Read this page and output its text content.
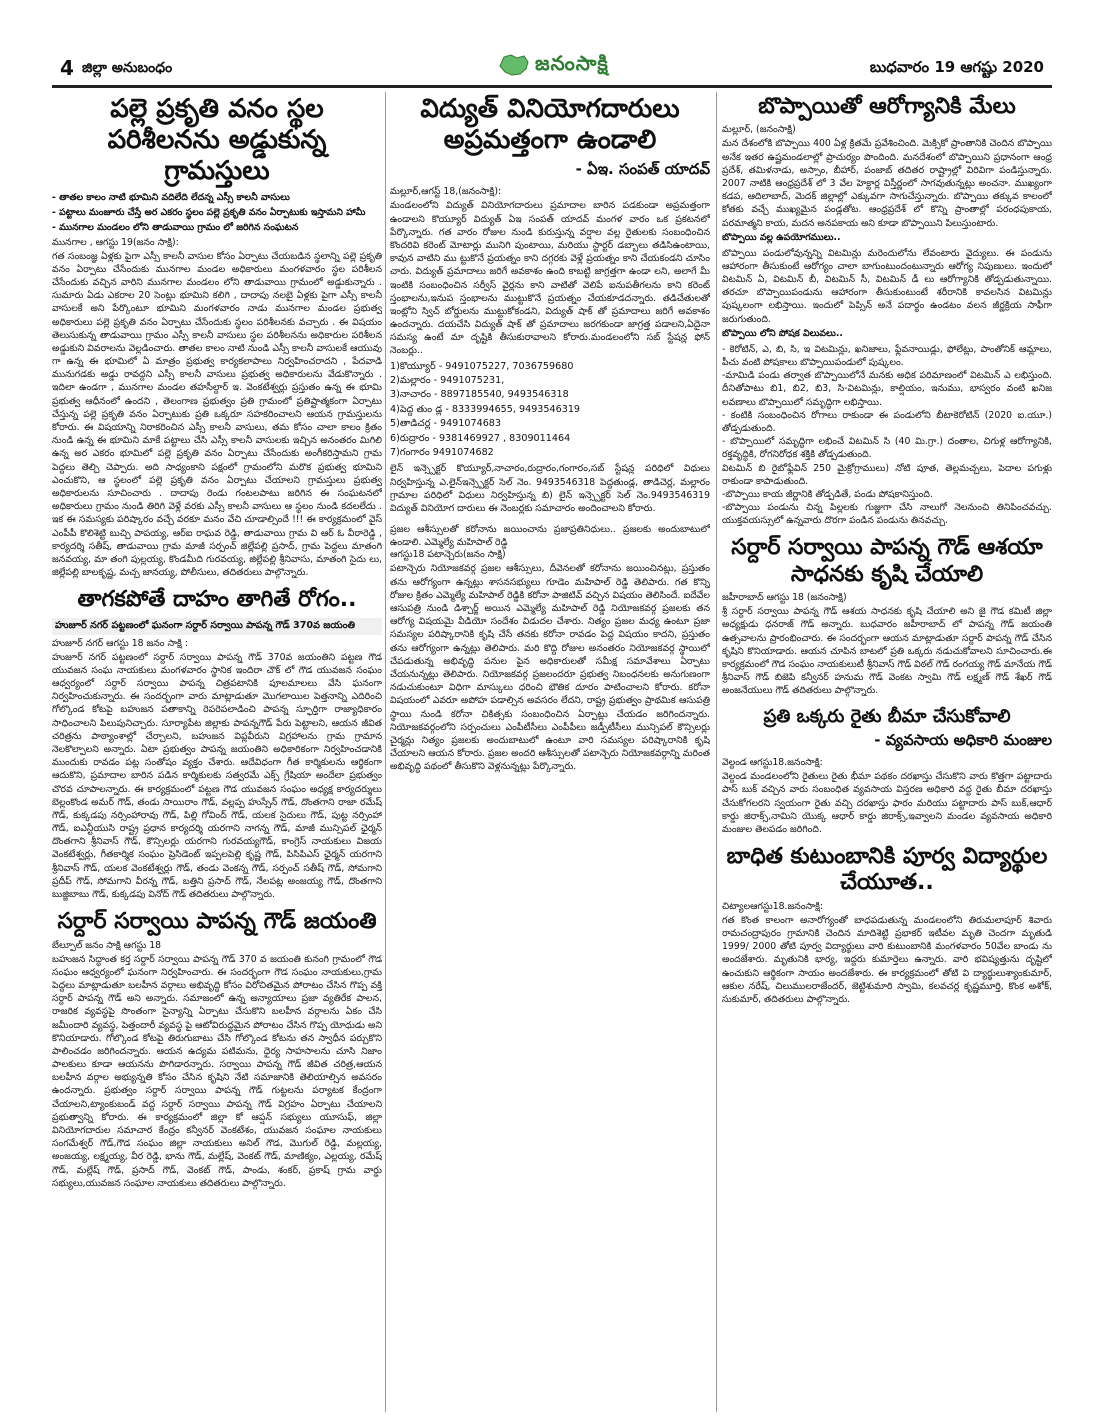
4 జిల్లా అనుబంధం	జనంసాక్షి	బుధవారం 19 ఆగష్టు 2020
పల్లె ప్రకృతి వనం స్థల పరిశీలనను అడ్డుకున్న గ్రామస్తులు

- తాతల కాలం నాటి భూమిని వదిలేది లేదన్న ఎస్సీ కాలనీ వాసులు

- పట్టాలు మంజూరు చేస్తే అర ఎకరం స్థలం పల్లె ప్రకృతి వనం ఏర్పాటుకు ఇస్తామని హామీ

- మునగాల మండలం లోని తాడువాయి గ్రామం లో జరిగిన సంఘటన

మునగాల , ఆగస్టు 19(జనం సాక్షి):

గత సంబంజ్ఞ ఏళ్లకు పైగా ఎస్సీ కాలనీ వాసుల కోసం ఏర్పాటు చేయబడిన స్థలాన్ని పల్లె ప్రకృతి వనం ఏర్పాటు చేసేందుకు మునగాల మండల అధికారులు మంగళవారం స్థల పరిశీలన చేసేందుకు వచ్చిన వారిని మునగాల మండలం లోని తాడువాయి గ్రామంలో అడ్డుకున్నారు . సుమారు ఏడు ఎకరాల 20 సెంట్లు భూమిని కలిగి , దాదాపు నలబై ఏళ్లకు పైగా ఎస్సీ కాలనీ వాసులకే అని పేర్కొంటూ భూమిని మంగళవారం నాడు మునగాల మండల ప్రభుత్వ అధికారులు పల్లె ప్రకృతి వనం ఏర్పాటు చేసేందుకు స్థలం పరిశీలనకు వచ్చారు . ఈ విషయం తెలుసుకున్న తాడువాయి గ్రామం ఎస్సీ కాలనీ వాసులు స్థల పరిశీలనను అధికారుల పరిశీలన అడ్డుకుని వివరాలను వెల్లడించారు. తాతల కాలం నాటి నుండి ఎస్సీ కాలనీ వాసులకే ఆయువు గా ఉన్న ఈ భూమిలో ఏ మాత్రం ప్రభుత్వ కార్యకలాపాలు నిర్వహించరాదని , పేదవాడి మునుగడకు అడ్డు రావద్దని ఎస్సీ కాలనీ వాసులు ప్రభుత్వ అధికారులను వేడుకొన్నారు . ఇదిలా ఉండగా , మునగాల మండల తహసీల్దార్ ఇ. వెంకటేశ్వర్లు ప్రస్తుతం ఉన్న ఈ భూమి ప్రభుత్వ ఆధీనంలో ఉందని , తెలంగాణ ప్రభుత్వం ప్రతి గ్రామంలో ప్రతిష్టాత్మకంగా ఏర్పాటు చేస్తున్న పల్లె ప్రకృతి వనం ఏర్పాటుకు ప్రతి ఒక్కరూ సహకరించాలని ఆయన గ్రామస్తులను కోరారు. ఈ విషయాన్ని నిరాకరించిన ఎస్సీ కాలనీ వాసులు, తమ కోసం చాలా కాలం క్రితం నుండి ఉన్న ఈ భూమిని మాకే పట్టాలు చేసి ఎస్సీ కాలనీ వాసులకు ఇచ్చిన అనంతరం మిగిలి ఉన్న అర ఎకరం భూమిలో పల్లె ప్రకృతి వనం ఏర్పాటు చేసేందుకు అంగీకరిస్తామని గ్రామ పెద్దలు తెల్చి చెప్పారు. అది సాధ్యంకాని పక్షంలో గ్రామంలోని మరొక ప్రభుత్వ భూమిని ఎంచుకొని, ఆ స్థలంలో పల్లె ప్రకృతి వనం ఏర్పాటు చేయాలని గ్రామస్తులు ప్రభుత్వ అధికారులను సూచించారు . దాదాపు రెండు గంటలపాటు జరిగిన ఈ సంఘటనలో అధికారులు గ్రామం నుండి తిరిగి వెళ్లే వరకు ఎస్సీ కాలనీ వాసులు ఆ స్థలం నుండి కదలలేదు . ఇక ఈ సమస్యకు పరిష్కారం వచ్చే వరకూ మనం వేచి చూడాల్సిందే !!! ఈ కార్యక్రమంలో వైస్ ఎంపీపీ కొలిశెట్టి బుచ్చి పాపయ్య, ఆర్ఐ రాఘవ రెడ్డి, తాడువాయి గ్రామ వి ఆర్ ఓ వీరారెడ్డి , కార్యదర్శి సతీష్, తాడువాయి గ్రామ మాజీ సర్పంచ్ జిల్లేపల్లి ప్రసాద్, గ్రామ పెద్దలు మాతంగి జనవయ్య, మా తంగి పుల్లయ్య, కొండమీది గురవయ్య, జిల్లేపల్లి శ్రీనివాసు, మాతంగి సైదు లు, జిల్లేపల్లి బాలకృష్ణ, మచ్చ జానయ్య, పోలీసులు, తదితరులు పాల్గొన్నారు.

తాగకపోతే దాహం తాగితే రోగం..

హుజూర్ నగర్ పట్టణంలో ఘనంగా సర్దార్ సర్వాయి పాపన్న గౌడ్ 370వ జయంతి

హుజూర్ నగర్ ఆగస్టు 18 జనం సాక్షి :

హుజూర్ నగర్ పట్టణంలో సర్దార్ సర్వాయి పాపన్న గౌడ్ 370వ జయంతిని పట్టణ గౌడ యువజన సంఘ నాయకులు మంగళవారం స్థానిక ఇందిరా చౌక్ లో గౌడ యువజన సంఘం ఆధ్వర్యంలో సర్దార్ సర్వాయి పాపన్న చిత్రపటానికి పూలమాలలు వేసి ఘనంగా నిర్వహించుకున్నారు. ఈ సందర్భంగా వారు మాట్లాడుతూ మొగలాయిల పెత్తనాన్ని ఎదిరించి గోల్కొండ కోటపై బహుజన పతాకాన్ని రెపరెపలాడించి పాపన్న స్ఫూర్తిగా రాజ్యాధికారం సాధించాలని పిలుపునిచ్చారు. సూర్యాపేట జిల్లాకు పాపన్నగౌడ్ పేరు పెట్టాలని, ఆయన జీవిత చరిత్రను పాఠ్యాంశాల్లో చేర్చాలని, బహుజన విప్లవీరుని విగ్రహాలను గ్రామ గ్రామాన నెలకొల్పాలని అన్నారు. ఏటా ప్రభుత్వం పాపన్న జయంతిని అధికారికంగా నిర్వహించడానికి ముందుకు రావడం పట్ల సంతోషం వ్యక్తం చేశారు. ఆదేవిధంగా గీత కార్మికులను ఆర్థికంగా ఆదుకొని, ప్రమాదాల బారిన పడిన కార్మికులకు సత్వరమే ఎక్స్ గ్రేషియా అందేలా ప్రభుత్వం చొరవ చూపాలన్నారు. ఈ కార్యక్రమంలో పట్టణ గౌడ యువజన సంఘం అధ్యక్ష కార్యదర్శులు బెల్లంకొండ అమర్ గౌడ్, తండు సాయిరాం గౌడ్, వల్లప్ప హుస్సేన్ గౌడ్, దొంతగాని రాజా రమేష్ గౌడ్, కుక్కడపు నర్సింహారావు గౌడ్, పిల్లి గోవింద్ గౌడ్, యలక సైదులు గౌడ్, పుట్ట నర్సింహా గౌడ్, ఐఎన్టీయుసి రాష్ట్ర ప్రధాన కార్యదర్శి యరగాని నాగన్న గౌడ్, మాజీ మున్సిపల్ ఛైర్మన్ దొంతగాని శ్రీనివాస్ గౌడ్, కౌన్సిలర్లు యరగాని గురవయ్యగౌడ్, కాంగ్రెస్ నాయకులు విజయ వెంకటేశ్వర్లు, గీతకార్మిక సంఘం ప్రెసిడెంట్ ఇప్పలపెల్లి కృష్ణ గౌడ్, పిసిపిఎస్ ఛైర్మన్ యరగాని శ్రీనివాస్ గౌడ్, యలక వెంకటేశ్వర్లు గౌడ్, తండు వెంకన్న గౌడ్, సర్పంచ్ సతీష్ గౌడ్, సోమగాని ప్రదీప్ గౌడ్, సోమగాని వీరన్న గౌడ్, బత్తిని ప్రసాద్ గౌడ్, నేలపట్ల అంజయ్య గౌడ్, దొంతగాని బుజ్జిబాబు గౌడ్, కుక్కడపు వినోద్ గౌడ్ తదితరులు పాల్గొన్నారు.

సర్దార్ సర్వాయి పాపన్న గౌడ్ జయంతి

బేల్పూల్ జనం సాక్షి ఆగస్టు 18

బహుజన సిద్ధాంత కర్త సర్దార్ సర్వాయి పాపన్న గౌడ్ 370 వ జయంతి కునంగి గ్రామంలో గౌడ సంఘం ఆధ్వర్యంలో ఘనంగా నిర్వహించారు. ఈ సందర్భంగా గౌడ సంఘం నాయకులు,గ్రామ పెద్దలు మాట్లాడుతూ బలహీన వర్గాలు అభివృద్ధి కోసం విరోచితమైన పోరాటం చేసిన గొప్ప వక్తి సర్దార్ పాపన్న గౌడ్ అని అన్నారు. సమాజంలో ఉన్న అన్యాయాలు ప్రజా వ్యతిరేక పాలన, రాజరిక వ్యవస్థపై సొంతంగా సైన్యాన్ని ఏర్పాటు చేసుకొని బలహీన వర్గాలను ఏకం చేసి జమీందారి వ్యవస్థ, పెత్తందారీ వ్యవస్థ పై ఆటోవిరుద్ధమైన పోరాటం చేసిన గొప్ప యోధుడు అని కొనియాడారు. గోల్కొండ కోటపై తిరుగుబాటు చేసి గోల్కొండ కోటను తన స్వాధీన పర్చుకొని పాలించడం జరిగిందన్నారు. ఆయన ఉద్యమ పటిమను, ధైర్య సాహసాలను చూసి నిజాం పాలకులు కూడా ఆయనను పొగిడారన్నారు. సర్వాయి పాపన్న గౌడ్ జీవిత చరిత్ర,ఆయన బలహీన వర్గాల అభ్యున్నతి కోసం చేసిన కృషిని నేటి సమాజానికి తెలియాల్సిన అవసరం ఉందన్నారు. ప్రభుత్వం సర్దార్ సర్వాయి పాపన్న గౌడ్ గుట్టలను పర్యాటక కేంద్రంగా చేయాలని,ట్యాంకుబండ్ వద్ద సర్దార్ సర్వాయి పాపన్న గౌడ్ విగ్రహం ఏర్పాటు చేయాలని ప్రభుత్వాన్ని కోరారు. ఈ కార్యక్రమంలో జిల్లా కో ఆప్షన్ సభ్యులు యూసుఫ్, జిల్లా వినియోగదారుల సమాచార కేంద్రం కన్వీనర్ వెంకటేశం, యువజన సంఘాల నాయకులు సంగమేశ్వర్ గౌడ్,గౌడ సంఘం జిల్లా నాయకులు అనిల్ గౌడ, మొగుల్ రెడ్డి, మల్లయ్య, అంజయ్య, లక్ష్మయ్య, వీర రెడ్డి, భాను గౌడ్, మల్లేష్, వెంకట్ గౌడ్, మాణిక్యం, ఎల్లయ్య, రమేష్ గౌడ్, మల్లేష్ గౌడ్, ప్రసాద్ గౌడ్, వెంకట్ గౌడ్, పాండు, శంకర్, ప్రకాష్ గ్రామ వార్డు సభ్యులు,యువజన సంఘాల నాయకులు తదితరులు పాల్గొన్నారు.

విద్యుత్ వినియోగదారులు అప్రమత్తంగా ఉండాలి

- ఏఇ. సంపత్ యాదవ్

మల్లూర్,ఆగస్ట్ 18,(జనంసాక్షి):

మండలంలోని విద్యుత్ వినియోగదారులు ప్రమాదాల బారిన పడకుండా అప్రమత్తంగా ఉండాలని కొయ్యూర్ విద్యుత్ ఏఇ సంపత్ యాదవ్ మంగళ వారం ఒక ప్రకటనలో పేర్కొన్నారు. గత వారం రోజుల నుండి కురుస్తున్న వర్షాల వల్ల రైతులకు సంబంధించిన కొందరివి కరెంట్ మోటార్లు మునిగి పుంటాయి, మరియు స్టార్టర్ డబ్బాలు తడిసిఉంటాయి, కావున వాటిని ము ట్టుకొనే ప్రయత్నం కాని దగ్గరకు వెళ్లే ప్రయత్నం కాని చేయకండని చూసిం చారు. విద్యుత్ ప్రమాదాలు జరిగే అవకాశం ఉంది కాబట్టి జాగ్రత్తగా ఉండా లని, అలాగే మీ ఇంటికి సంబంధించిన సర్వీస్ వైర్లను కాని వాటితో వెలిపే ఐనుపతీగలను కాని కరెంట్ స్తంభాలను,ఇనుప స్తంభాలను ముట్టుకొనే ప్రయత్నం చేయకూడదన్నారు. తడిచేతులతో ఇంట్లోని స్విచ్ బోర్డులను ముట్టుకోకండని, విద్యుత్ షాక్ తో ప్రమాదాలు జరిగే అవకాశం ఉందన్నారు. దయచేసి విద్యుత్ షాక్ తో ప్రమాదాలు జరగకుండా జాగ్రత్త పడాలని,ఏదైనా సమస్య ఉంటే మా దృష్టికి తీసుకురావాలని కోరారు.మండలంలోని సబ్ స్టేషన్ల ఫోన్ నెంబర్లు..

1)కొయ్యూర్ - 9491075227, 7036759680
2)మల్లారం - 9491075231,
3)నాచారం - 8897185540, 9493546318
4)పెద్ద తుం డ్ల - 8333994655, 9493546319
5)తాడిచర్ల - 9491074683
6)రుద్రారం - 9381469927 , 8309011464
7)గంగారం 9491074682

లైన్ ఇన్స్పెక్టర్ కొయ్యూర్,నాచారం,రుద్రారం,గంగారం,సబ్ స్టేషన్ల పరిధిలో విధులు నిర్వహిస్తున్న ఎ.లైన్ఇన్స్పెక్టర్ సెల్ నెం. 9493546318 పెద్దతుండ్ల, తాడిచెర్ల, మల్లారం గ్రామాల పరిధిలో విధులు నిర్వహిస్తున్న బి) లైన్ ఇన్స్పెక్టర్ సెల్ నెం.9493546319 విద్యుత్ వినియోగ దారులు ఈ నెంబర్లకు సమాచారం అందించాలని కోరారు.

ప్రజల ఆశీస్సులతో కరోనాను జయించాను ప్రజాప్రతినిధులు.. ప్రజలకు అందుబాటులో ఉండాలి. ఎమ్మెల్యే మహిపాల్ రెడ్డి

ఆగస్టు18 పటాన్చెరు(జనం సాక్షి)

పటాన్చెరు నియోజకవర్గ ప్రజల ఆశీస్సులు, దీవెనలతో కరోనాను జయించినట్లు, ప్రస్తుతం తను ఆరోగ్యంగా ఉన్నట్లు శాసనసభ్యులు గూడెం మహిపాల్ రెడ్డి తెలిపారు. గత కొన్ని రోజుల క్రితం ఎమ్మెల్యే మహిపాల్ రెడ్డికి కరోనా పాజిటివ్ వచ్చిన విషయం తెలిసిందే. ఐదేవేల ఆసుపత్రి నుండి డిశ్చార్జ్ అయిన ఎమ్మెల్యే మహిపాల్ రెడ్డి నియోజకవర్గ ప్రజలకు తన ఆరోగ్య విషయమై వీడియో సందేశం విడుదల చేశారు. నిత్యం ప్రజల మధ్య ఉంటూ ప్రజా సమస్యల పరిష్కారానికి కృషి చేసే తనకు కరోనా రావడం పెద్ద విషయం కాదని, ప్రస్తుతం తను ఆరోగ్యంగా ఉన్నట్లు తెలిపారు. మరి కొద్ది రోజుల అనంతరం నియోజకవర్గ స్థాయిలో చేపడుతున్న అభివృద్ధి పనుల పైన అధికారులతో సమీక్ష సమావేశాలు ఏర్పాటు చేయనున్నట్లు తెలిపారు. నియోజకవర్గ ప్రజలందరూ ప్రభుత్వ నిబంధనలకు అనుగుణంగా నడుచుకుంటూ విధిగా మాస్కులు ధరించి భౌతిక దూరం పాటించాలని కోరారు. కరోనా విషయంలో ఎవరూ అపోహ పడాల్సిన అవసరం లేదని, రాష్ట్ర ప్రభుత్వం ప్రాథమిక ఆసుపత్రి స్థాయి నుండి కరోనా చికిత్సకు సంబంధించిన ఏర్పాట్లు చేయడం జరిగిందన్నారు. నియోజకవర్గంలోని సర్పంచులు ఎంపీటీసీలు ఎంపీపీలు జడ్పీటీసీలు మున్సిపల్ కౌన్సిలర్లు చైర్మన్లు నిత్యం ప్రజలకు అందుబాటులో ఉంటూ వారి సమస్యల పరిష్కారానికి కృషి చేయాలని ఆయన కోరారు. ప్రజల అందరి ఆశీస్సులతో పటాన్చెరు నియోజకవర్గాన్ని మరింత అభివృద్ధి పథంలో తీసుకొని వెళ్లనున్నట్లు పేర్కొన్నారు.

బొప్పాయితో ఆరోగ్యానికి మేలు

మల్లూర్, (జనంసాక్షి)

మన దేశంలోకి బొప్పాయి 400 ఏళ్ల క్రితమే ప్రవేశించింది. మెక్సికో ప్రాంతానికి చెందిన బొప్పాయి అనేక ఇతర ఉష్ణమండలాల్లో ప్రాచుర్యం పొందింది. మనదేశంలో బొప్పాయిని ప్రధానంగా ఆంధ్ర ప్రదేశ్, తమిళనాడు, అస్సాం, బీహార్, పంజాబ్ తదితర రాష్ట్రాల్లో విరివిగా పండిస్తున్నారు. 2007 నాటికి ఆంధ్రప్రదేశ్ లో 3 వేల హెక్టార్ల విస్తీర్ణంలో సాగవుతున్నట్లు అంచనా. ముఖ్యంగా కడప, ఆదిలాబాద్, మెదక్ జిల్లాల్లో ఎక్కువగా సాగుచేస్తున్నారు. బొప్పాయి తక్కువ కాలంలో కోతకు వచ్చే ముఖ్యమైన పండ్లతోట. ఆంధ్రప్రదేశ్ లో కొన్ని ప్రాంతాల్లో పరంధపుకాయ, పరమాత్మని కాయ, మదన అనపకాయ అని కూడా బొప్పాయిని పిలుస్తుంటారు.

బొప్పాయి వల్ల ఉపయోగములు..

బొప్పాయి పండులోవున్నన్ని విటమిన్లు మరెందులోను లేవంటారు వైద్యులు. ఈ పండును ఆహారంగా తీసుకుంటే ఆరోగ్యం చాలా బాగుంటుందంటున్నారు ఆరోగ్య నిపుణులు. ఇందులో విటమిన్ ఏ, విటమిన్ బీ, విటమిన్ సీ, విటమిన్ డీ లు ఆరోగ్యానికి తోడ్పడుతున్నాయి. తరచూ బొప్పాయిపండును ఆహారంగా తీసుకుంటుంటే శరీరానికి కావలసిన విటమిన్లు పుష్కలంగా లభిస్తాయి. ఇందులో పెప్సిన్ అనే పదార్థం ఉండటం వలన జీర్ణక్రియ సాఫీగా జరుగుతుంది.

బొప్పాయి లోని పోషక విలువలు..

- కెరోటిన్, ఎ, బి, సి, ఇ విటమిన్లు, ఖనిజాలు, ఫ్లేవనాయిడ్లు, ఫోలేట్లు, పాంతోనిక్ ఆమ్లాలు, పీచు వంటి పోషకాలు బొప్పాయిపండులో పుష్కలం.

-మామిడి పండు తర్వాత బొప్పాయిలోనే మనకు అధిక పరిమాణంలో విటమిన్ ఎ లభిస్తుంది. దీనితోపాటు బి1, బి2, బి3, సి-విటమిన్లు, కాల్షియం, ఇనుము, భాస్వరం వంటి ఖనిజ లవణాలు బొప్పాయిలో సమృద్ధిగా లభిస్తాయి.

- కంటికి సంబంధించిన రోగాలు రాకుండా ఈ పండులోని బీటాకెరోటిన్ (2020 ఐ.యూ.) తోడ్పడుతుంది.

- బొప్పాయిలో సమృద్ధిగా లభించే విటమిన్ సి (40 మి.గ్రా.) దంతాల, చిగుళ్ల ఆరోగ్యానికి, రక్తవృద్ధికి, రోగనిరోధక శక్తికి తోడ్పడుతుంది.

విటమిన్ బి రైబోఫ్లేవిన్ 250 మైక్రోగ్రాములు) నోటి పూత, తెల్లమచ్చలు, పెదాల పగుళ్లు రాకుండా కాపాడుతుంది.

-బొప్పాయి కాయ జీర్ణానికి తోడ్పడితే, పండు పోషకానిస్తుంది.

-బొప్పాయి పండును చిన్న పిల్లలకు గుజ్జుగా చేసి నాలుగో నెలనుంచి తినిపించవచ్చు. యుక్తవయస్సులో ఉన్నవారు దొరగా పండిన పండును తినవచ్చు.

సర్దార్ సర్వాయి పాపన్న గౌడ్ ఆశయా సాధనకు కృషి చేయాలి

జహీరాబాద్ ఆగస్టు 18 (జనంసాక్షి)

శ్రీ సర్దార్ సర్వాయి పాపన్న గౌడ్ ఆశయ సాధనకు కృషి చేయాలి అని జై గౌడ కమిటీ జిల్లా అధ్యక్షుడు ధనరాజ్ గౌడ్ అన్నారు. బుధవారం జహీరాబాద్ లో పాపన్న గౌడ్ జయంతి ఉత్సవాలను ప్రారంభించారు. ఈ సందర్భంగా ఆయన మాట్లాడుతూ సర్దార్ పాపన్న గౌడ్ చేసిన కృషిని కొనియాడారు. ఆయన చూపిన బాటలో ప్రతి ఒక్కరు నడుచుకోవాలని సూచించారు.ఈ కార్యక్రమంలో గౌడ సంఘం నాయకులుటీ శ్రీనివాస్ గౌడ్ విఠల్ గౌడ్ రంగయ్య గౌడ్ మానేయ గౌడ్ శ్రీనివాస్ గౌడ్ బిజెపి కన్వీనర్ హనుమ గౌడ్ వెంకట స్వామి గౌడ్ లక్ష్మణ్ గౌడ్ శేఖర్ గౌడ్ అంజనేయులు గౌడ్ తదితరులు పాల్గొన్నారు.

ప్రతి ఒక్కరు రైతు బీమా చేసుకోవాలి

- వ్యవసాయ అధికారి మంజుల

వెల్దండ ఆగస్టు18.జనంసాక్షి:

వెల్దండ మండలంలోని రైతులు రైతు భీమా పథకం దరఖాస్తు చేసుకొని వారు కొత్తగా పట్టాదారు పాస్ బుక్ వచ్చిన వారు సంబంధిత వ్యవసాయ విస్తరణ అధికారి వద్ద రైతు బీమా దరఖాస్తు చేసుకోగలరని స్వయంగా రైతు వచ్చి దరఖాస్తు ఫారం మరియు పట్టాదారు పాస్ బుక్,ఆధార్ కార్డు జిరాక్స్,నామిని యొక్క ఆధార్ కార్డు జిరాక్స్,ఇవ్వాలని మండల వ్యవసాయ అధికారి మంజుల తెలపడం జరిగింది.

బాధిత కుటుంబానికి పూర్వ విద్యార్థుల చేయూత..

చిట్యాలఆగస్టు18.జనంసాక్షి:

గత కొంత కాలంగా అనారోగ్యంతో బాధపడుతున్న మండలంలోని తిరుమలాపూర్ శివారు రామచంద్రాపురం గ్రామానికి చెందిన మాదిశెట్టి ప్రభాకర్ ఇటీవల మృతి చెందగా మృతుడి 1999/ 2000 తోటి పూర్వ విద్యార్థులు వారి కుటుంబానికి మంగళవారం 50వేల బాండు ను అందజేశారు. మృతునికి భార్య, ఇద్దరు కుమార్తెలు ఉన్నారు. వారి భవిష్యత్తును దృష్టిలో ఉంచుకుని ఆర్థికంగా సాయం అందజేశారు. ఈ కార్యక్రమంలో తోటి వి ద్యార్థులుశ్యాంకుమార్, ఆకుల నరేష్, చిలుములరాజేందర్, జెట్టిశుమారి స్వామి, కలవచర్ల కృష్ణమూర్తి, కొంక అశోక్, సుకుమార్, తదితరులు పాల్గొన్నారు.
